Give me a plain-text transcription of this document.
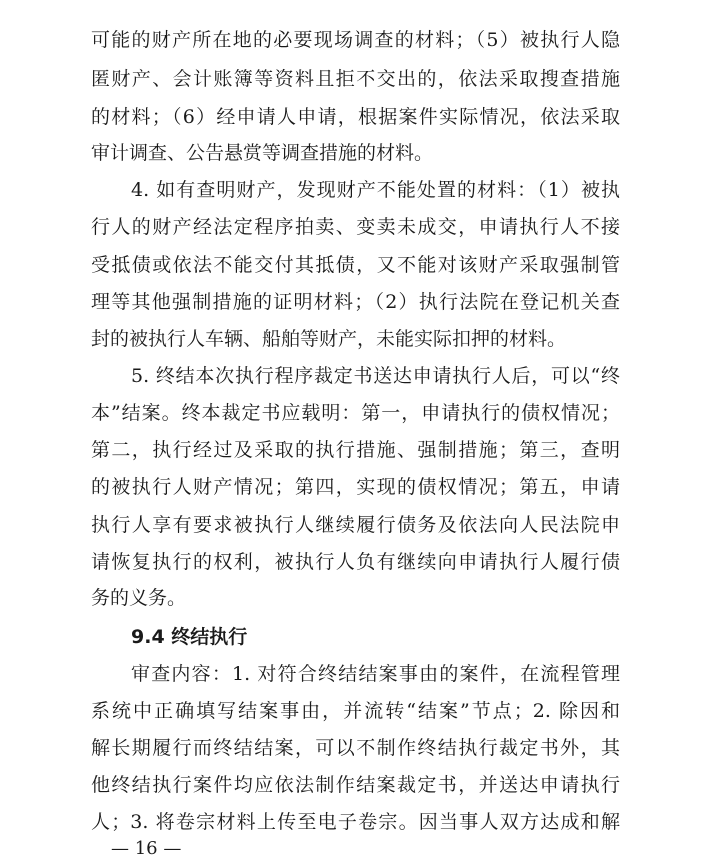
可能的财产所在地的必要现场调查的材料；（5）被执行人隐
匿财产、会计账簿等资料且拒不交出的，依法采取搜查措施
的材料；（6）经申请人申请，根据案件实际情况，依法采取
审计调查、公告悬赏等调查措施的材料。
4. 如有查明财产，发现财产不能处置的材料：（1）被执
行人的财产经法定程序拍卖、变卖未成交，申请执行人不接
受抵债或依法不能交付其抵债，又不能对该财产采取强制管
理等其他强制措施的证明材料；（2）执行法院在登记机关查
封的被执行人车辆、船舶等财产，未能实际扣押的材料。
5. 终结本次执行程序裁定书送达申请执行人后，可以“终
本”结案。终本裁定书应载明：第一，申请执行的债权情况；
第二，执行经过及采取的执行措施、强制措施；第三，查明
的被执行人财产情况；第四，实现的债权情况；第五，申请
执行人享有要求被执行人继续履行债务及依法向人民法院申
请恢复执行的权利，被执行人负有继续向申请执行人履行债
务的义务。
9.4 终结执行
审查内容：1. 对符合终结结案事由的案件，在流程管理
系统中正确填写结案事由，并流转“结案”节点；2. 除因和
解长期履行而终结结案，可以不制作终结执行裁定书外，其
他终结执行案件均应依法制作结案裁定书，并送达申请执行
人；3. 将卷宗材料上传至电子卷宗。因当事人双方达成和解
— 16 —
